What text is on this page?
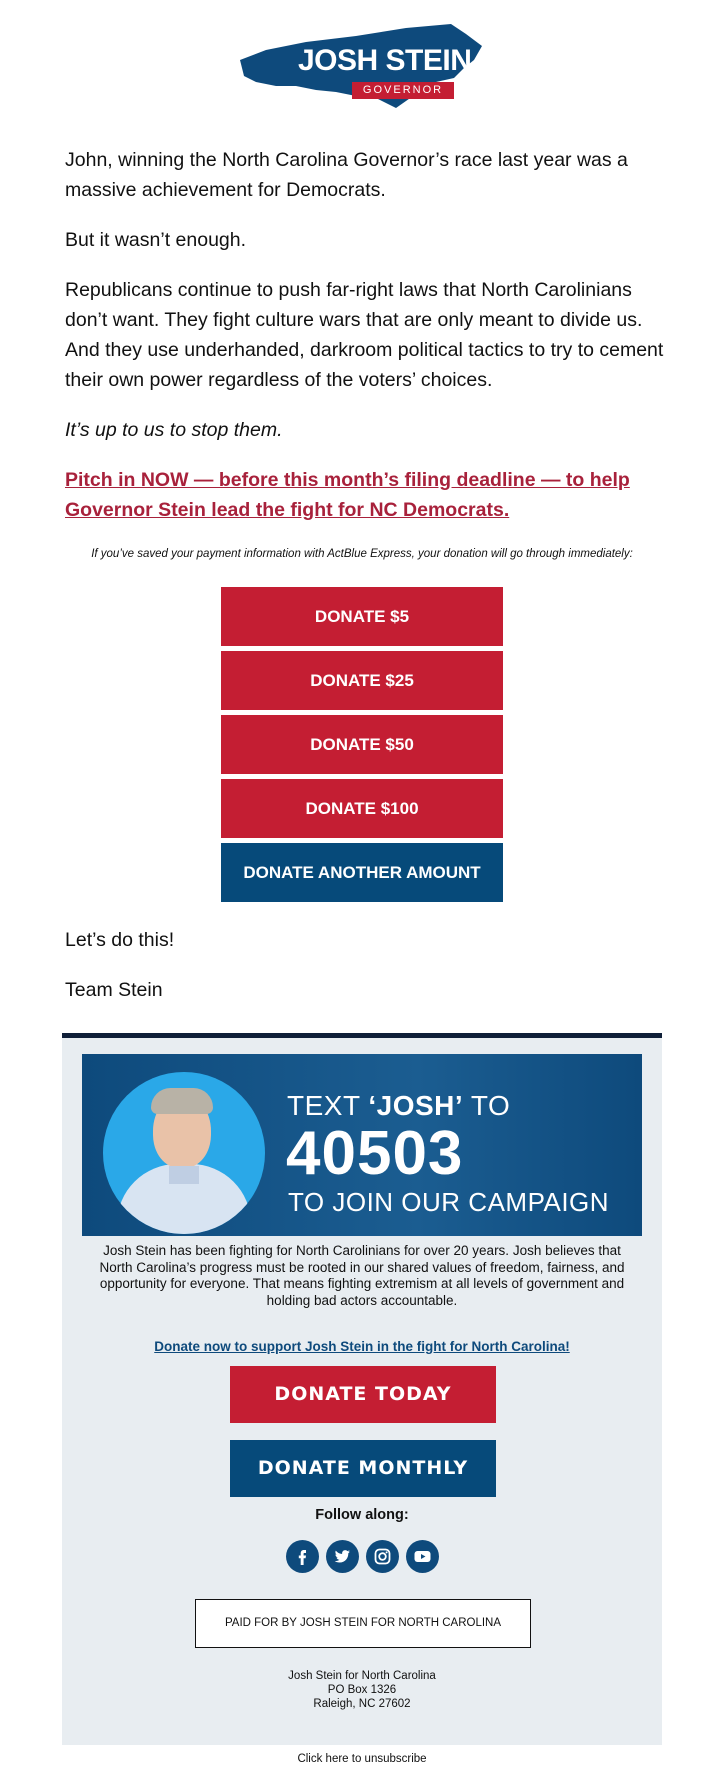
JOSH STEIN
GOVERNOR

John, winning the North Carolina Governor’s race last year was a massive achievement for Democrats.

But it wasn’t enough.

Republicans continue to push far-right laws that North Carolinians don’t want. They fight culture wars that are only meant to divide us. And they use underhanded, darkroom political tactics to try to cement their own power regardless of the voters’ choices.

It’s up to us to stop them.

Pitch in NOW — before this month’s filing deadline — to help Governor Stein lead the fight for NC Democrats.

If you’ve saved your payment information with ActBlue Express, your donation will go through immediately:
DONATE $5
DONATE $25
DONATE $50
DONATE $100
DONATE ANOTHER AMOUNT
Let’s do this!
Team Stein
TEXT ‘JOSH’ TO
40503
TO JOIN OUR CAMPAIGN
Josh Stein has been fighting for North Carolinians for over 20 years. Josh believes that North Carolina’s progress must be rooted in our shared values of freedom, fairness, and opportunity for everyone. That means fighting extremism at all levels of government and holding bad actors accountable.
Donate now to support Josh Stein in the fight for North Carolina!
DONATE TODAY
DONATE MONTHLY
Follow along:
PAID FOR BY JOSH STEIN FOR NORTH CAROLINA
Josh Stein for North Carolina
PO Box 1326
Raleigh, NC 27602
Click here to unsubscribe
